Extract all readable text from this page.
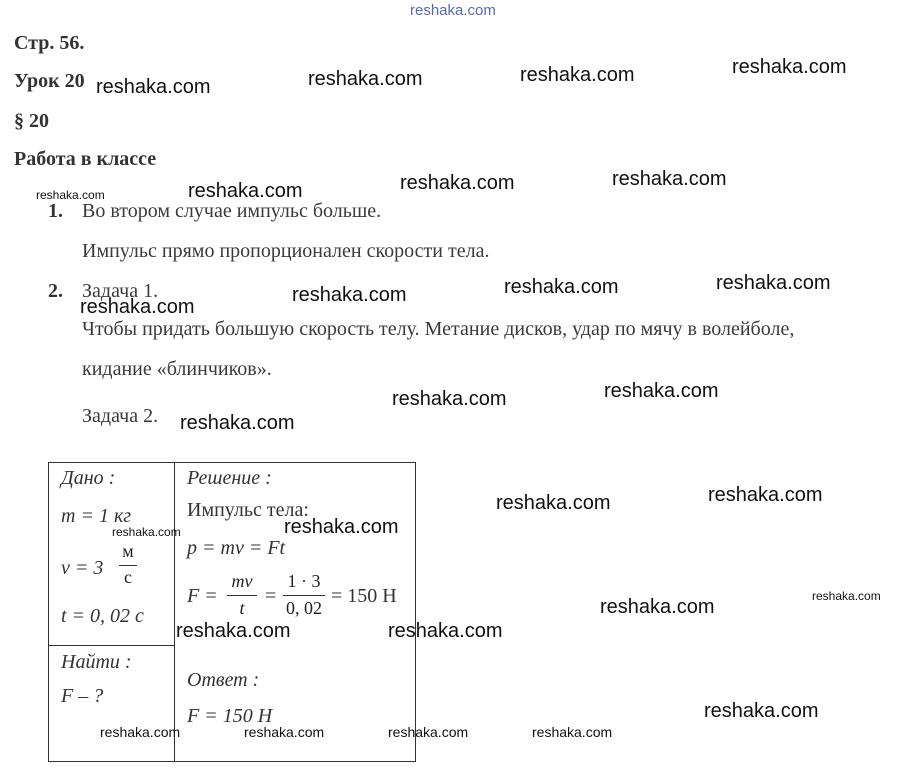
reshaka.com
Стр. 56.
Урок 20
§ 20
Работа в классе
1. Во втором случае импульс больше.
Импульс прямо пропорционален скорости тела.
2. Задача 1.
Чтобы придать большую скорость телу. Метание дисков, удар по мячу в волейболе,
кидание «блинчиков».
Задача 2.
Дано :
m = 1 кг
v = 3
м
с
t = 0, 02 с
Найти :
F – ?
Решение :
Импульс тела:
p = mv = Ft
F =
mv
t
=
1 · 3
0, 02
= 150 Н
Ответ :
F = 150 Н
reshaka.com	reshaka.com	reshaka.com	reshaka.com
reshaka.com	reshaka.com	reshaka.com
reshaka.com
reshaka.com	reshaka.com	reshaka.com
reshaka.com
reshaka.com	reshaka.com
reshaka.com
reshaka.com	reshaka.com
reshaka.com	reshaka.com
reshaka.com
reshaka.com
reshaka.com
reshaka.com
reshaka.com
reshaka.com	reshaka.com	reshaka.com	reshaka.com
